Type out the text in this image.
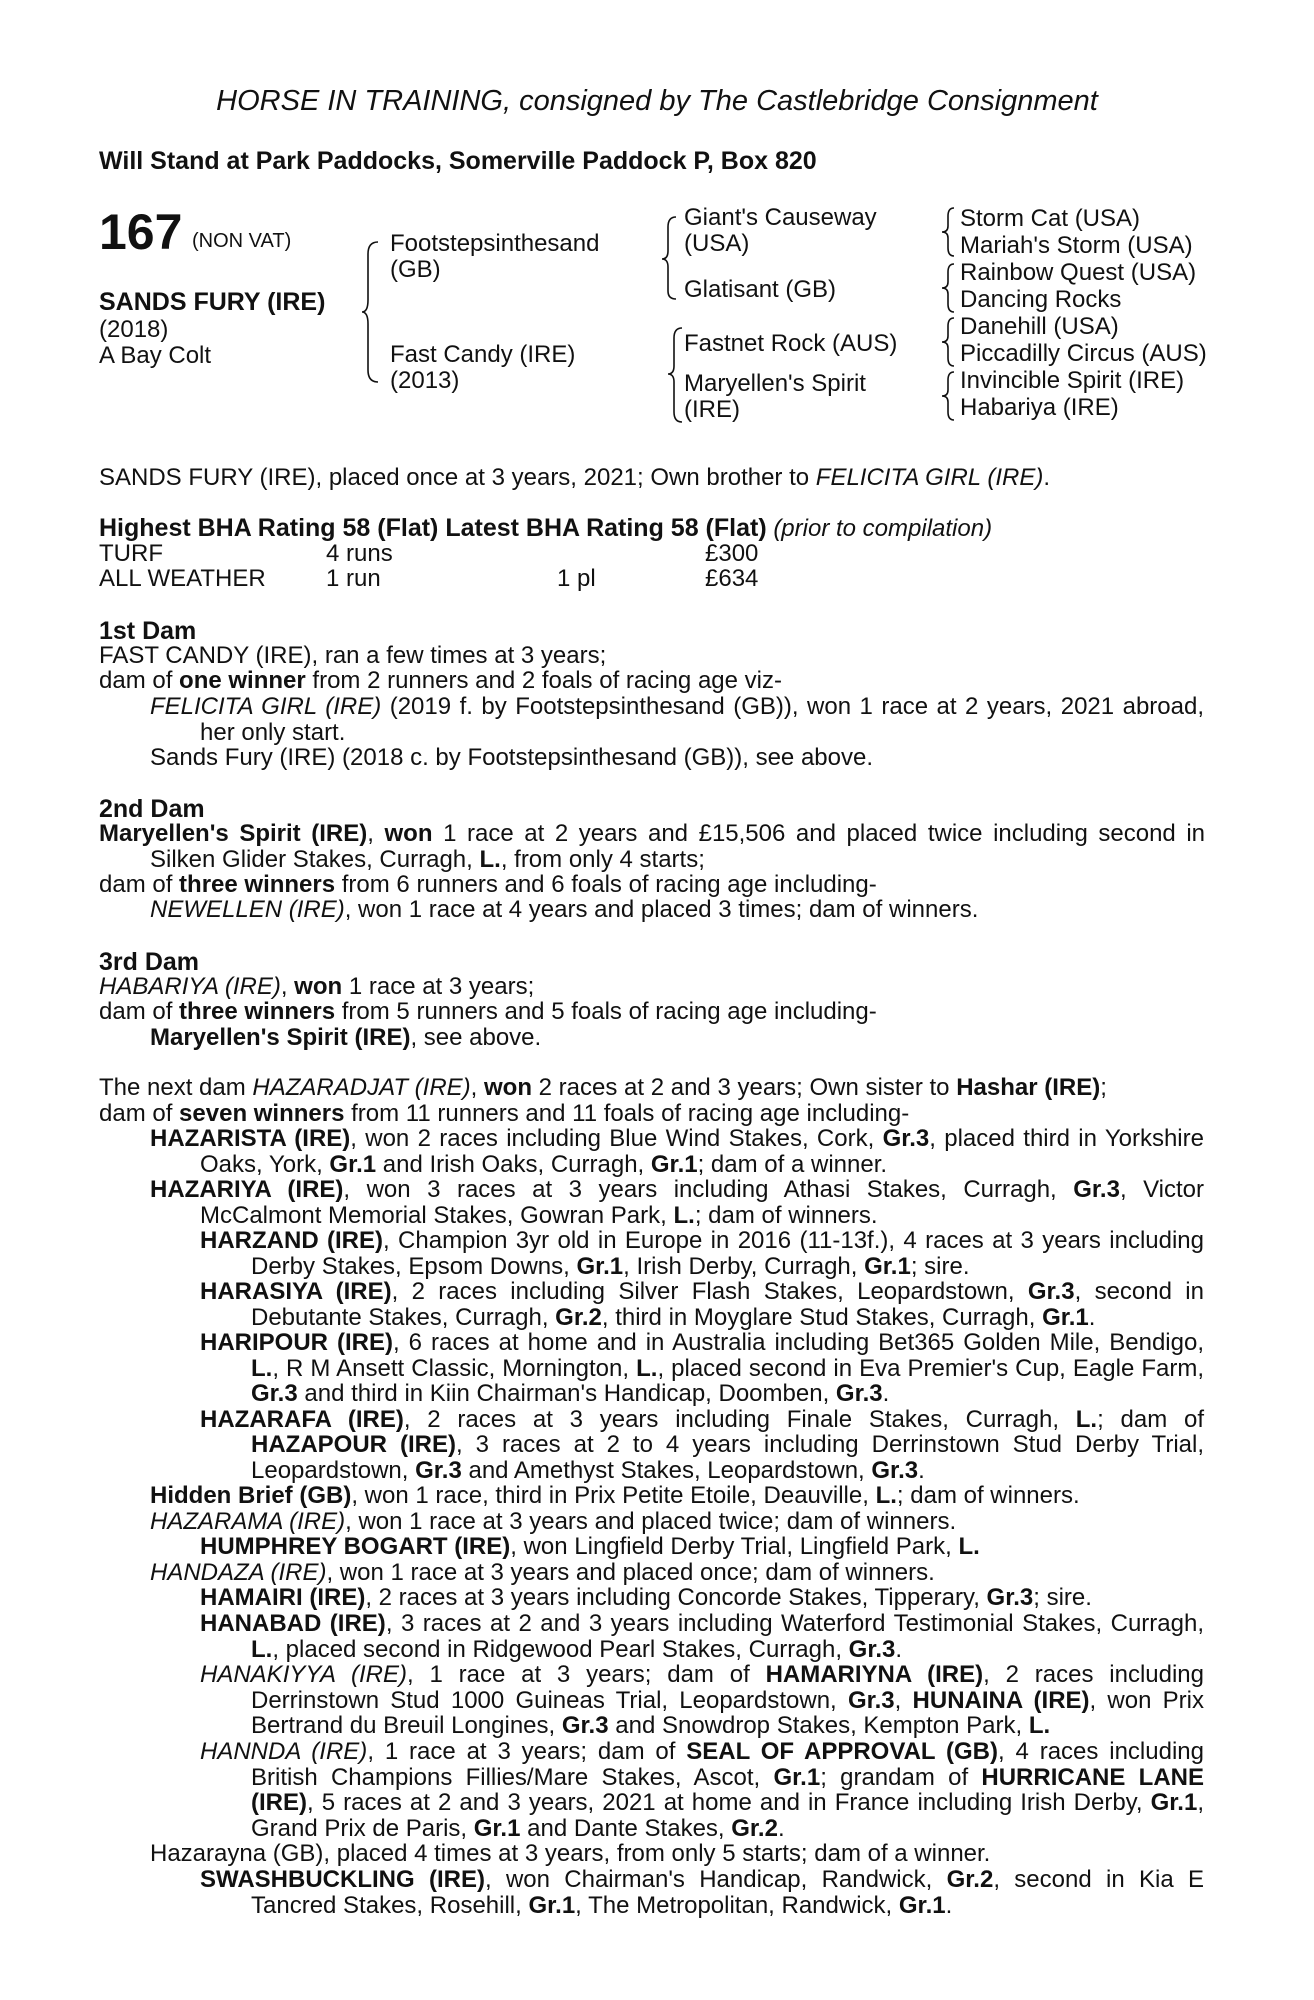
HORSE IN TRAINING, consigned by The Castlebridge Consignment
Will Stand at Park Paddocks, Somerville Paddock P, Box 820
167 (NON VAT)
SANDS FURY (IRE)
(2018)
A Bay Colt
Footstepsinthesand
(GB)
Fast Candy (IRE)
(2013)
Giant's Causeway
(USA)
Glatisant (GB)
Fastnet Rock (AUS)
Maryellen's Spirit
(IRE)
Storm Cat (USA)
Mariah's Storm (USA)
Rainbow Quest (USA)
Dancing Rocks
Danehill (USA)
Piccadilly Circus (AUS)
Invincible Spirit (IRE)
Habariya (IRE)
SANDS FURY (IRE), placed once at 3 years, 2021; Own brother to FELICITA GIRL (IRE).
Highest BHA Rating 58 (Flat) Latest BHA Rating 58 (Flat) (prior to compilation)
TURF	4 runs	£300
ALL WEATHER	1 run	1 pl	£634
1st Dam
FAST CANDY (IRE), ran a few times at 3 years;
dam of one winner from 2 runners and 2 foals of racing age viz-
FELICITA GIRL (IRE) (2019 f. by Footstepsinthesand (GB)), won 1 race at 2 years, 2021 abroad, her only start.
Sands Fury (IRE) (2018 c. by Footstepsinthesand (GB)), see above.
2nd Dam
Maryellen's Spirit (IRE), won 1 race at 2 years and £15,506 and placed twice including second in Silken Glider Stakes, Curragh, L., from only 4 starts;
dam of three winners from 6 runners and 6 foals of racing age including-
NEWELLEN (IRE), won 1 race at 4 years and placed 3 times; dam of winners.
3rd Dam
HABARIYA (IRE), won 1 race at 3 years;
dam of three winners from 5 runners and 5 foals of racing age including-
Maryellen's Spirit (IRE), see above.
The next dam HAZARADJAT (IRE), won 2 races at 2 and 3 years; Own sister to Hashar (IRE);
dam of seven winners from 11 runners and 11 foals of racing age including-
HAZARISTA (IRE), won 2 races including Blue Wind Stakes, Cork, Gr.3, placed third in Yorkshire Oaks, York, Gr.1 and Irish Oaks, Curragh, Gr.1; dam of a winner.
HAZARIYA (IRE), won 3 races at 3 years including Athasi Stakes, Curragh, Gr.3, Victor McCalmont Memorial Stakes, Gowran Park, L.; dam of winners.
HARZAND (IRE), Champion 3yr old in Europe in 2016 (11-13f.), 4 races at 3 years including Derby Stakes, Epsom Downs, Gr.1, Irish Derby, Curragh, Gr.1; sire.
HARASIYA (IRE), 2 races including Silver Flash Stakes, Leopardstown, Gr.3, second in Debutante Stakes, Curragh, Gr.2, third in Moyglare Stud Stakes, Curragh, Gr.1.
HARIPOUR (IRE), 6 races at home and in Australia including Bet365 Golden Mile, Bendigo, L., R M Ansett Classic, Mornington, L., placed second in Eva Premier's Cup, Eagle Farm, Gr.3 and third in Kiin Chairman's Handicap, Doomben, Gr.3.
HAZARAFA (IRE), 2 races at 3 years including Finale Stakes, Curragh, L.; dam of
HAZAPOUR (IRE), 3 races at 2 to 4 years including Derrinstown Stud Derby Trial, Leopardstown, Gr.3 and Amethyst Stakes, Leopardstown, Gr.3.
Hidden Brief (GB), won 1 race, third in Prix Petite Etoile, Deauville, L.; dam of winners.
HAZARAMA (IRE), won 1 race at 3 years and placed twice; dam of winners.
HUMPHREY BOGART (IRE), won Lingfield Derby Trial, Lingfield Park, L.
HANDAZA (IRE), won 1 race at 3 years and placed once; dam of winners.
HAMAIRI (IRE), 2 races at 3 years including Concorde Stakes, Tipperary, Gr.3; sire.
HANABAD (IRE), 3 races at 2 and 3 years including Waterford Testimonial Stakes, Curragh, L., placed second in Ridgewood Pearl Stakes, Curragh, Gr.3.
HANAKIYYA (IRE), 1 race at 3 years; dam of HAMARIYNA (IRE), 2 races including Derrinstown Stud 1000 Guineas Trial, Leopardstown, Gr.3, HUNAINA (IRE), won Prix Bertrand du Breuil Longines, Gr.3 and Snowdrop Stakes, Kempton Park, L.
HANNDA (IRE), 1 race at 3 years; dam of SEAL OF APPROVAL (GB), 4 races including British Champions Fillies/Mare Stakes, Ascot, Gr.1; grandam of HURRICANE LANE (IRE), 5 races at 2 and 3 years, 2021 at home and in France including Irish Derby, Gr.1, Grand Prix de Paris, Gr.1 and Dante Stakes, Gr.2.
Hazarayna (GB), placed 4 times at 3 years, from only 5 starts; dam of a winner.
SWASHBUCKLING (IRE), won Chairman's Handicap, Randwick, Gr.2, second in Kia E Tancred Stakes, Rosehill, Gr.1, The Metropolitan, Randwick, Gr.1.
